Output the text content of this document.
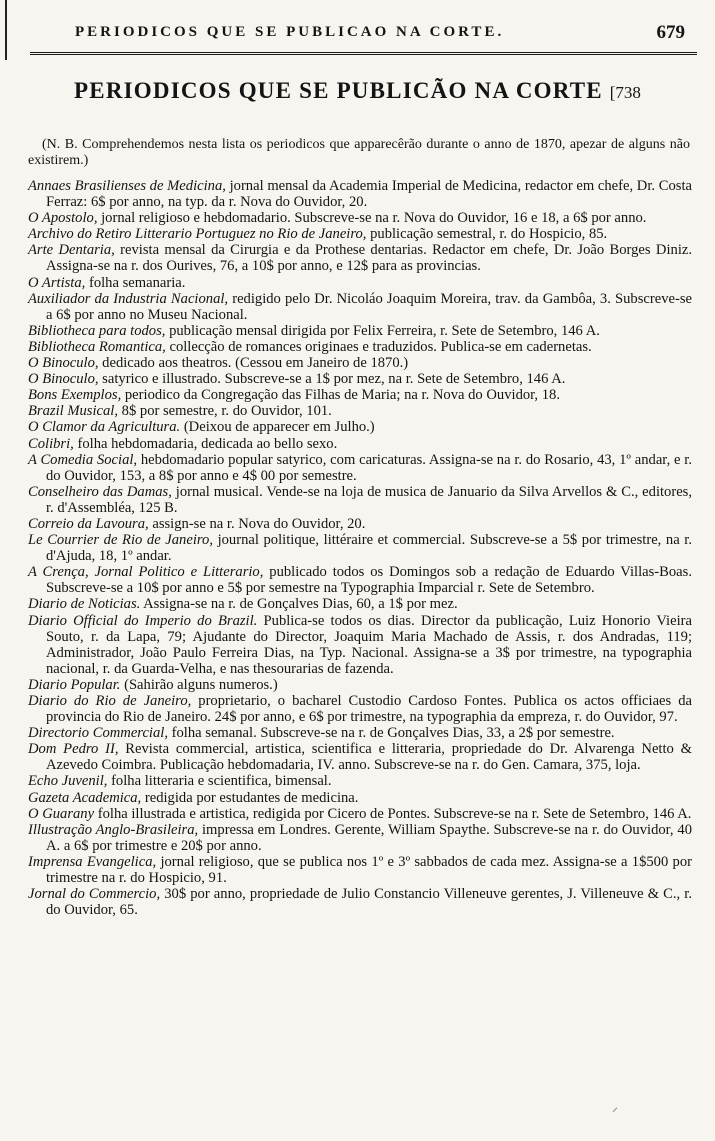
PERIODICOS QUE SE PUBLICAO NA CORTE.	679
PERIODICOS QUE SE PUBLICÃO NA CORTE [738
(N. B. Comprehendemos nesta lista os periodicos que apparecêrão durante o anno de 1870, apezar de alguns não existirem.)
Annaes Brasilienses de Medicina, jornal mensal da Academia Imperial de Medicina, redactor em chefe, Dr. Costa Ferraz: 6$ por anno, na typ. da r. Nova do Ouvidor, 20.
O Apostolo, jornal religioso e hebdomadario. Subscreve-se na r. Nova do Ouvidor, 16 e 18, a 6$ por anno.
Archivo do Retiro Litterario Portuguez no Rio de Janeiro, publicação semestral, r. do Hospicio, 85.
Arte Dentaria, revista mensal da Cirurgia e da Prothese dentarias. Redactor em chefe, Dr. João Borges Diniz. Assigna-se na r. dos Ourives, 76, a 10$ por anno, e 12$ para as provincias.
O Artista, folha semanaria.
Auxiliador da Industria Nacional, redigido pelo Dr. Nicoláo Joaquim Moreira, trav. da Gambôa, 3. Subscreve-se a 6$ por anno no Museu Nacional.
Bibliotheca para todos, publicação mensal dirigida por Felix Ferreira, r. Sete de Setembro, 146 A.
Bibliotheca Romantica, collecção de romances originaes e traduzidos. Publica-se em cadernetas.
O Binoculo, dedicado aos theatros. (Cessou em Janeiro de 1870.)
O Binoculo, satyrico e illustrado. Subscreve-se a 1$ por mez, na r. Sete de Setembro, 146 A.
Bons Exemplos, periodico da Congregação das Filhas de Maria; na r. Nova do Ouvidor, 18.
Brazil Musical, 8$ por semestre, r. do Ouvidor, 101.
O Clamor da Agricultura. (Deixou de apparecer em Julho.)
Colibri, folha hebdomadaria, dedicada ao bello sexo.
A Comedia Social, hebdomadario popular satyrico, com caricaturas. Assigna-se na r. do Rosario, 43, 1º andar, e r. do Ouvidor, 153, a 8$ por anno e 4$ 00 por semestre.
Conselheiro das Damas, jornal musical. Vende-se na loja de musica de Januario da Silva Arvellos & C., editores, r. d'Assembléa, 125 B.
Correio da Lavoura, assign-se na r. Nova do Ouvidor, 20.
Le Courrier de Rio de Janeiro, journal politique, littéraire et commercial. Subscreve-se a 5$ por trimestre, na r. d'Ajuda, 18, 1º andar.
A Crença, Jornal Politico e Litterario, publicado todos os Domingos sob a redação de Eduardo Villas-Boas. Subscreve-se a 10$ por anno e 5$ por semestre na Typographia Imparcial r. Sete de Setembro.
Diario de Noticias. Assigna-se na r. de Gonçalves Dias, 60, a 1$ por mez.
Diario Official do Imperio do Brazil. Publica-se todos os dias. Director da publicação, Luiz Honorio Vieira Souto, r. da Lapa, 79; Ajudante do Director, Joaquim Maria Machado de Assis, r. dos Andradas, 119; Administrador, João Paulo Ferreira Dias, na Typ. Nacional. Assigna-se a 3$ por trimestre, na typographia nacional, r. da Guarda-Velha, e nas thesourarias de fazenda.
Diario Popular. (Sahirão alguns numeros.)
Diario do Rio de Janeiro, proprietario, o bacharel Custodio Cardoso Fontes. Publica os actos officiaes da provincia do Rio de Janeiro. 24$ por anno, e 6$ por trimestre, na typographia da empreza, r. do Ouvidor, 97.
Directorio Commercial, folha semanal. Subscreve-se na r. de Gonçalves Dias, 33, a 2$ por semestre.
Dom Pedro II, Revista commercial, artistica, scientifica e litteraria, propriedade do Dr. Alvarenga Netto & Azevedo Coimbra. Publicação hebdomadaria, IV. anno. Subscreve-se na r. do Gen. Camara, 375, loja.
Echo Juvenil, folha litteraria e scientifica, bimensal.
Gazeta Academica, redigida por estudantes de medicina.
O Guarany folha illustrada e artistica, redigida por Cicero de Pontes. Subscreve-se na r. Sete de Setembro, 146 A.
Illustração Anglo-Brasileira, impressa em Londres. Gerente, William Spaythe. Subscreve-se na r. do Ouvidor, 40 A. a 6$ por trimestre e 20$ por anno.
Imprensa Evangelica, jornal religioso, que se publica nos 1º e 3º sabbados de cada mez. Assigna-se a 1$500 por trimestre na r. do Hospicio, 91.
Jornal do Commercio, 30$ por anno, propriedade de Julio Constancio Villeneuve gerentes, J. Villeneuve & C., r. do Ouvidor, 65.
⸝
